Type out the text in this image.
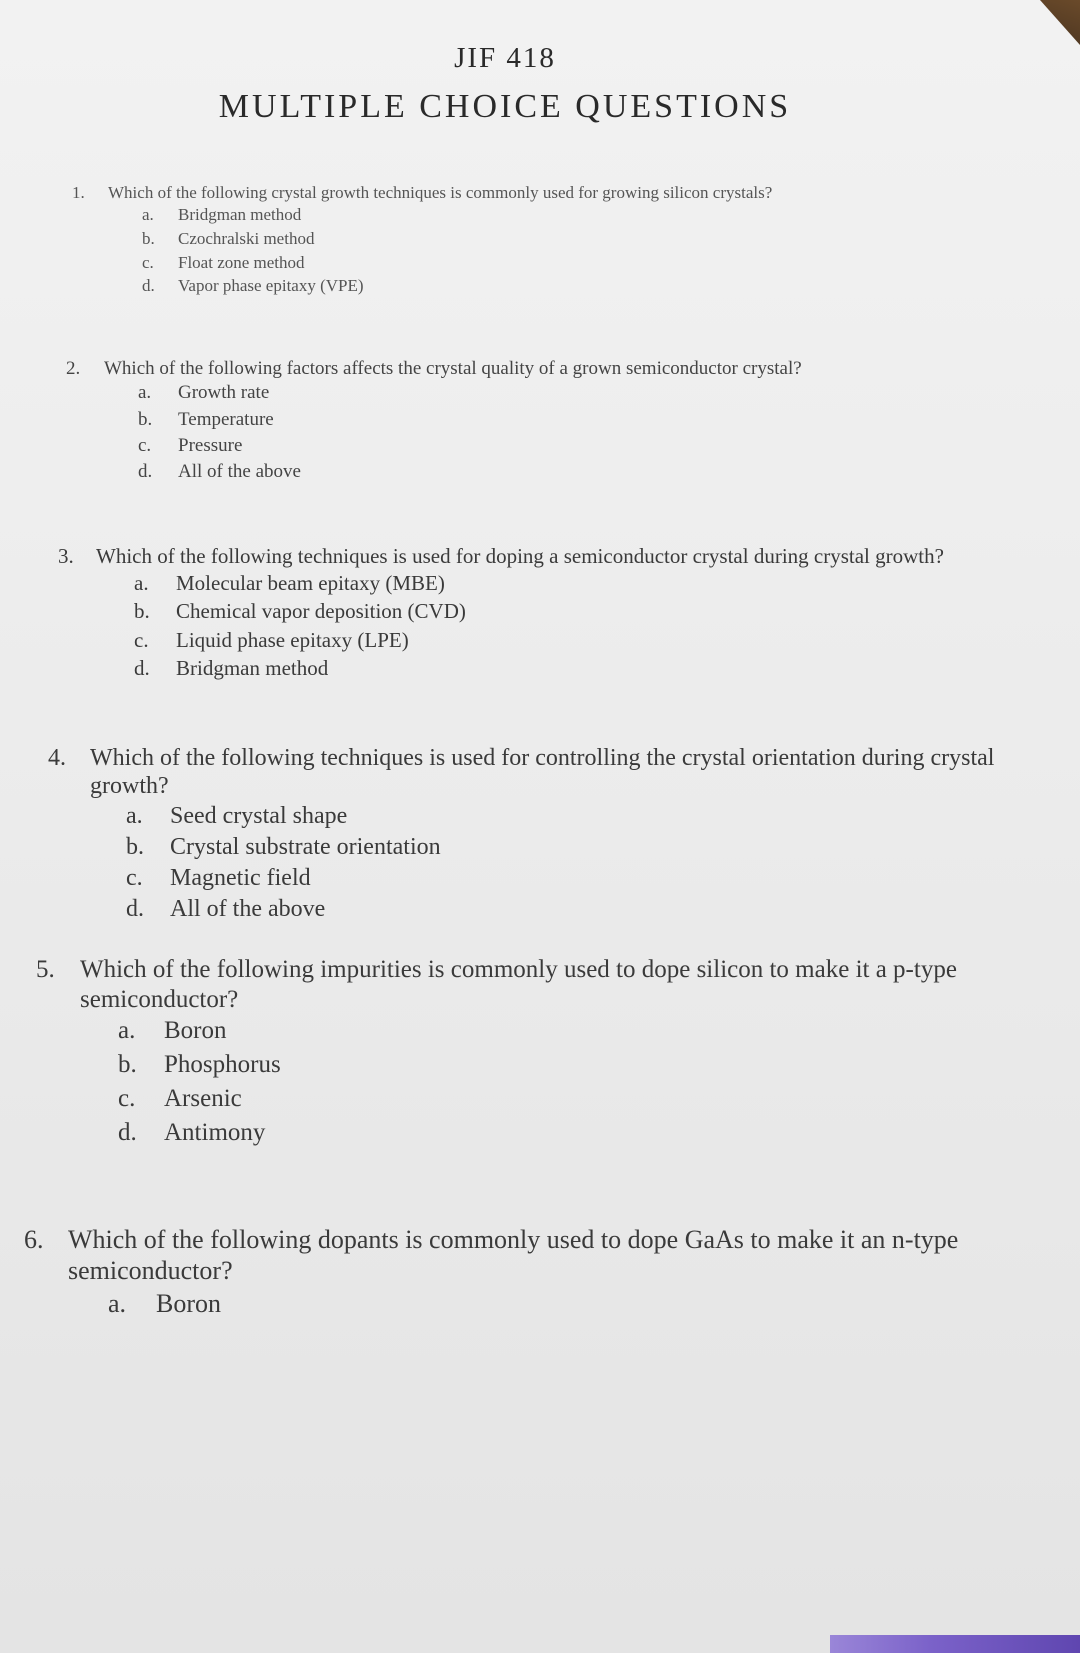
JIF 418
MULTIPLE CHOICE QUESTIONS
1. Which of the following crystal growth techniques is commonly used for growing silicon crystals?
a. Bridgman method
b. Czochralski method
c. Float zone method
d. Vapor phase epitaxy (VPE)
2. Which of the following factors affects the crystal quality of a grown semiconductor crystal?
a. Growth rate
b. Temperature
c. Pressure
d. All of the above
3. Which of the following techniques is used for doping a semiconductor crystal during crystal growth?
a. Molecular beam epitaxy (MBE)
b. Chemical vapor deposition (CVD)
c. Liquid phase epitaxy (LPE)
d. Bridgman method
4. Which of the following techniques is used for controlling the crystal orientation during crystal growth?
a. Seed crystal shape
b. Crystal substrate orientation
c. Magnetic field
d. All of the above
5. Which of the following impurities is commonly used to dope silicon to make it a p-type semiconductor?
a. Boron
b. Phosphorus
c. Arsenic
d. Antimony
6. Which of the following dopants is commonly used to dope GaAs to make it an n-type semiconductor?
a. Boron
